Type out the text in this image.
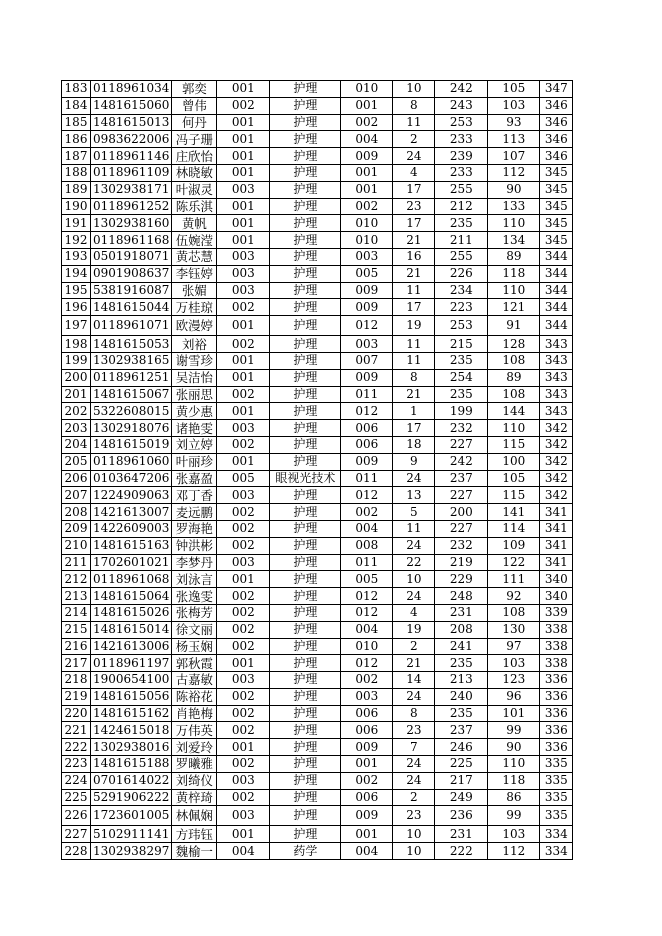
183	0118961034	郭奕	001	护理	010	10	242	105	347
184	1481615060	曾伟	002	护理	001	8	243	103	346
185	1481615013	何丹	001	护理	002	11	253	93	346
186	0983622006	冯子珊	001	护理	004	2	233	113	346
187	0118961146	庄欣怡	001	护理	009	24	239	107	346
188	0118961109	林晓敏	001	护理	001	4	233	112	345
189	1302938171	叶淑灵	003	护理	001	17	255	90	345
190	0118961252	陈乐淇	001	护理	002	23	212	133	345
191	1302938160	黄帆	001	护理	010	17	235	110	345
192	0118961168	伍婉滢	001	护理	010	21	211	134	345
193	0501918071	黄芯慧	003	护理	003	16	255	89	344
194	0901908637	李钰婷	003	护理	005	21	226	118	344
195	5381916087	张媚	003	护理	009	11	234	110	344
196	1481615044	万桂琼	002	护理	009	17	223	121	344
197	0118961071	欧漫婷	001	护理	012	19	253	91	344
198	1481615053	刘裕	002	护理	003	11	215	128	343
199	1302938165	谢雪珍	001	护理	007	11	235	108	343
200	0118961251	吴洁怡	001	护理	009	8	254	89	343
201	1481615067	张丽思	002	护理	011	21	235	108	343
202	5322608015	黄少惠	001	护理	012	1	199	144	343
203	1302918076	诸艳雯	003	护理	006	17	232	110	342
204	1481615019	刘立婷	002	护理	006	18	227	115	342
205	0118961060	叶丽珍	001	护理	009	9	242	100	342
206	0103647206	张嘉盈	005	眼视光技术	011	24	237	105	342
207	1224909063	邓丁香	003	护理	012	13	227	115	342
208	1421613007	麦远鹏	002	护理	002	5	200	141	341
209	1422609003	罗海艳	002	护理	004	11	227	114	341
210	1481615163	钟洪彬	002	护理	008	24	232	109	341
211	1702601021	李梦丹	003	护理	011	22	219	122	341
212	0118961068	刘泳言	001	护理	005	10	229	111	340
213	1481615064	张逸雯	002	护理	012	24	248	92	340
214	1481615026	张梅芳	002	护理	012	4	231	108	339
215	1481615014	徐文丽	002	护理	004	19	208	130	338
216	1421613006	杨玉娴	002	护理	010	2	241	97	338
217	0118961197	郭秋霞	001	护理	012	21	235	103	338
218	1900654100	古嘉敏	003	护理	002	14	213	123	336
219	1481615056	陈裕花	002	护理	003	24	240	96	336
220	1481615162	肖艳梅	002	护理	006	8	235	101	336
221	1424615018	万伟英	002	护理	006	23	237	99	336
222	1302938016	刘爱玲	001	护理	009	7	246	90	336
223	1481615188	罗曦雅	002	护理	001	24	225	110	335
224	0701614022	刘绮仪	003	护理	002	24	217	118	335
225	5291906222	黄梓琦	002	护理	006	2	249	86	335
226	1723601005	林佩娴	003	护理	009	23	236	99	335
227	5102911141	方玮钰	001	护理	001	10	231	103	334
228	1302938297	魏榆一	004	药学	004	10	222	112	334
